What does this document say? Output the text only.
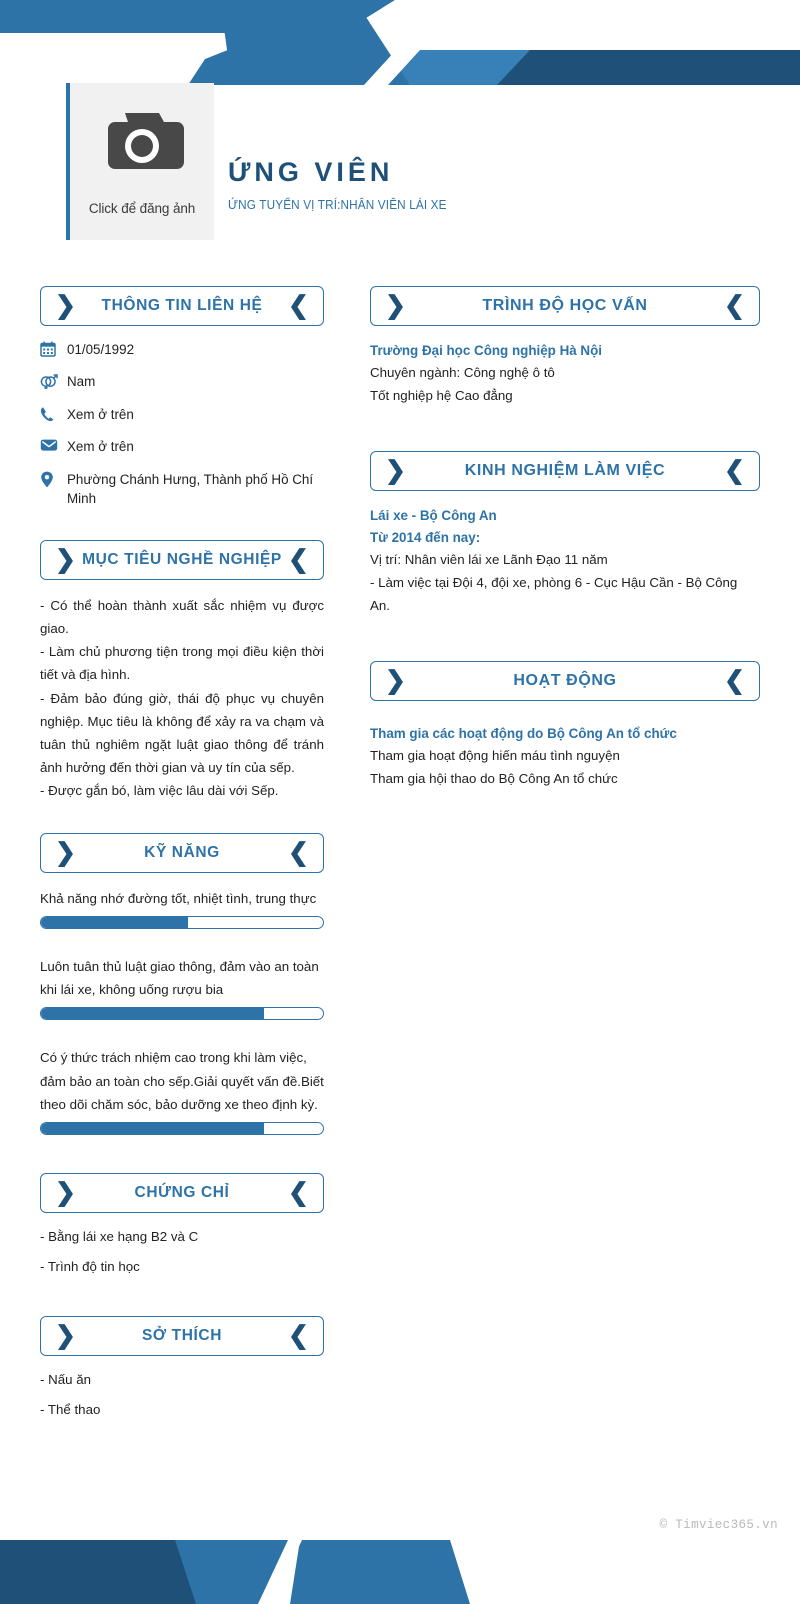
Click để đăng ảnh
ỨNG VIÊN
ỨNG TUYỂN VỊ TRÍ:NHÂN VIÊN LÁI XE
❯	THÔNG TIN LIÊN HỆ	❮
01/05/1992
Nam
Xem ở trên
Xem ở trên
Phường Chánh Hưng, Thành phố Hồ Chí Minh
❯ MỤC TIÊU NGHỀ NGHIỆP ❮
- Có thể hoàn thành xuất sắc nhiệm vụ được giao.
- Làm chủ phương tiện trong mọi điều kiện thời tiết và địa hình.
- Đảm bảo đúng giờ, thái độ phục vụ chuyên nghiệp. Mục tiêu là không để xảy ra va chạm và tuân thủ nghiêm ngặt luật giao thông để tránh ảnh hưởng đến thời gian và uy tín của sếp.
- Được gắn bó, làm việc lâu dài với Sếp.
❯	KỸ NĂNG	❮
Khả năng nhớ đường tốt, nhiệt tình, trung thực
Luôn tuân thủ luật giao thông, đảm vào an toàn khi lái xe, không uống rượu bia
Có ý thức trách nhiệm cao trong khi làm việc, đảm bảo an toàn cho sếp.Giải quyết vấn đề.Biết theo dõi chăm sóc, bảo dưỡng xe theo định kỳ.
❯	CHỨNG CHỈ	❮
- Bằng lái xe hạng B2 và C
- Trình độ tin học
❯	SỞ THÍCH	❮
- Nấu ăn
- Thể thao
❯	TRÌNH ĐỘ HỌC VẤN	❮
Trường Đại học Công nghiệp Hà Nội
Chuyên ngành: Công nghệ ô tô
Tốt nghiệp hệ Cao đẳng
❯	KINH NGHIỆM LÀM VIỆC	❮
Lái xe - Bộ Công An
Từ 2014 đến nay:
Vị trí: Nhân viên lái xe Lãnh Đạo 11 năm
- Làm việc tại Đội 4, đội xe, phòng 6 - Cục Hậu Cần - Bộ Công An.
❯	HOẠT ĐỘNG	❮
Tham gia các hoạt động do Bộ Công An tổ chức
Tham gia hoạt động hiến máu tình nguyện
Tham gia hội thao do Bộ Công An tổ chức
© Timviec365.vn
